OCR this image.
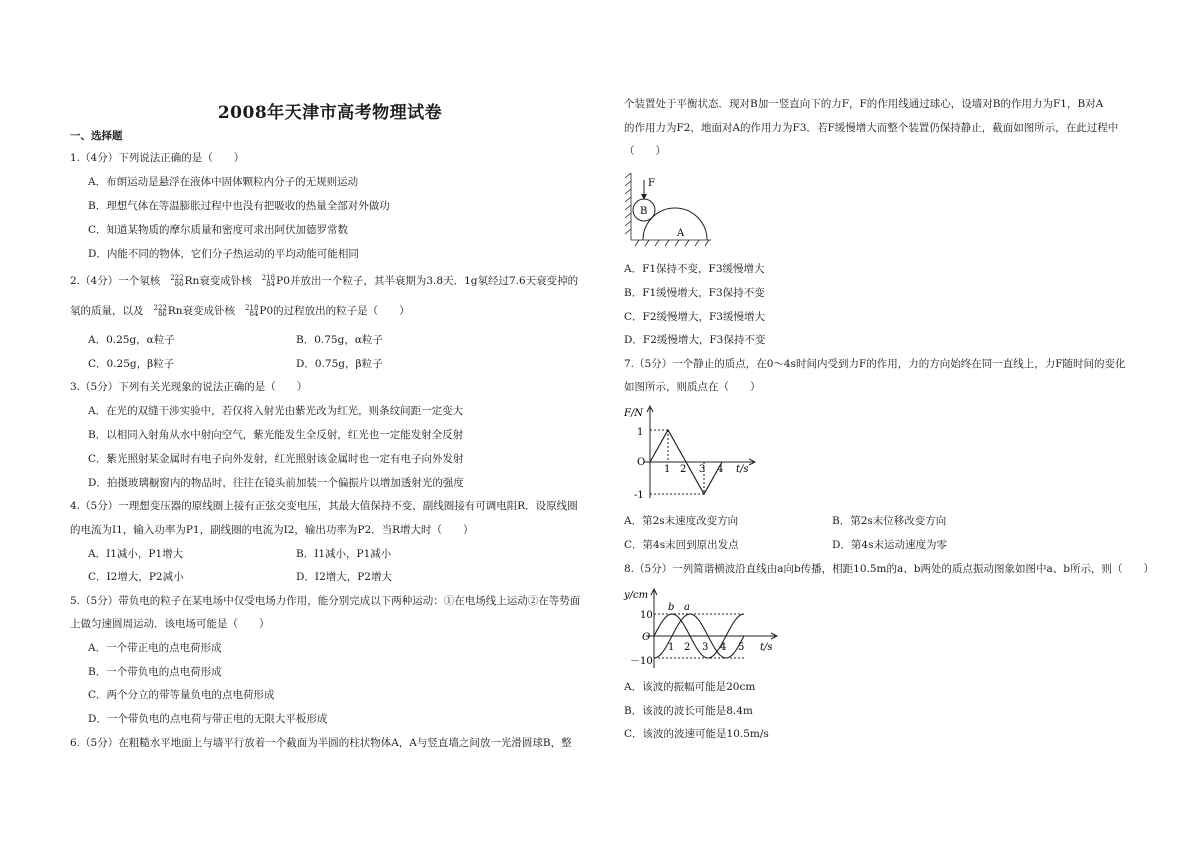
2008年天津市高考物理试卷
一、选择题
1.（4分）下列说法正确的是（　　）
A．布朗运动是悬浮在液体中固体颗粒内分子的无规则运动
B．理想气体在等温膨胀过程中也没有把吸收的热量全部对外做功
C．知道某物质的摩尔质量和密度可求出阿伏加德罗常数
D．内能不同的物体，它们分子热运动的平均动能可能相同
2.（4分）一个氡核 222
86 Rn衰变成钋核 218
84 P0并放出一个粒子，其半衰期为3.8天．1g氡经过7.6天衰变掉的
氡的质量，以及 222
86 Rn衰变成钋核 218
84 P0的过程放出的粒子是（　　）
A．0.25g，α粒子	B．0.75g，α粒子
C．0.25g，β粒子	D．0.75g，β粒子
3.（5分）下列有关光现象的说法正确的是（　　）
A．在光的双缝干涉实验中，若仅将入射光由紫光改为红光，则条纹间距一定变大
B．以相同入射角从水中射向空气，紫光能发生全反射，红光也一定能发射全反射
C．紫光照射某金属时有电子向外发射，红光照射该金属时也一定有电子向外发射
D．拍摄玻璃橱窗内的物品时，往往在镜头前加装一个偏振片以增加透射光的强度
4.（5分）一理想变压器的原线圈上接有正弦交变电压，其最大值保持不变，副线圈接有可调电阻R．设原线圈
的电流为I1，输入功率为P1，副线圈的电流为I2，输出功率为P2．当R增大时（　　）
A．I1减小，P1增大	B．I1减小，P1减小
C．I2增大，P2减小	D．I2增大，P2增大
5.（5分）带负电的粒子在某电场中仅受电场力作用，能分别完成以下两种运动：①在电场线上运动②在等势面
上做匀速圆周运动．该电场可能是（　　）
A．一个带正电的点电荷形成
B．一个带负电的点电荷形成
C．两个分立的带等量负电的点电荷形成
D．一个带负电的点电荷与带正电的无限大平板形成
6.（5分）在粗糙水平地面上与墙平行放着一个截面为半圆的柱状物体A，A与竖直墙之间放一光滑圆球B，整
个装置处于平衡状态．现对B加一竖直向下的力F，F的作用线通过球心，设墙对B的作用力为F1，B对A
的作用力为F2，地面对A的作用力为F3．若F缓慢增大而整个装置仍保持静止，截面如图所示，在此过程中
（　　）
F
B
A
A．F1保持不变，F3缓慢增大
B．F1缓慢增大，F3保持不变
C．F2缓慢增大，F3缓慢增大
D．F2缓慢增大，F3保持不变
7.（5分）一个静止的质点，在0～4s时间内受到力F的作用，力的方向始终在同一直线上，力F随时间的变化
如图所示，则质点在（　　）
F/N
t/s
O
1
-1
1 2 3 4
A．第2s末速度改变方向	B．第2s末位移改变方向
C．第4s末回到原出发点	D．第4s末运动速度为零
8.（5分）一列简谐横波沿直线由a向b传播，相距10.5m的a、b两处的质点振动图象如图中a、b所示，则（　　）
y/cm
t/s
O
10
－10
1 2 3 4 5
b a
A．该波的振幅可能是20cm
B．该波的波长可能是8.4m
C．该波的波速可能是10.5m/s
